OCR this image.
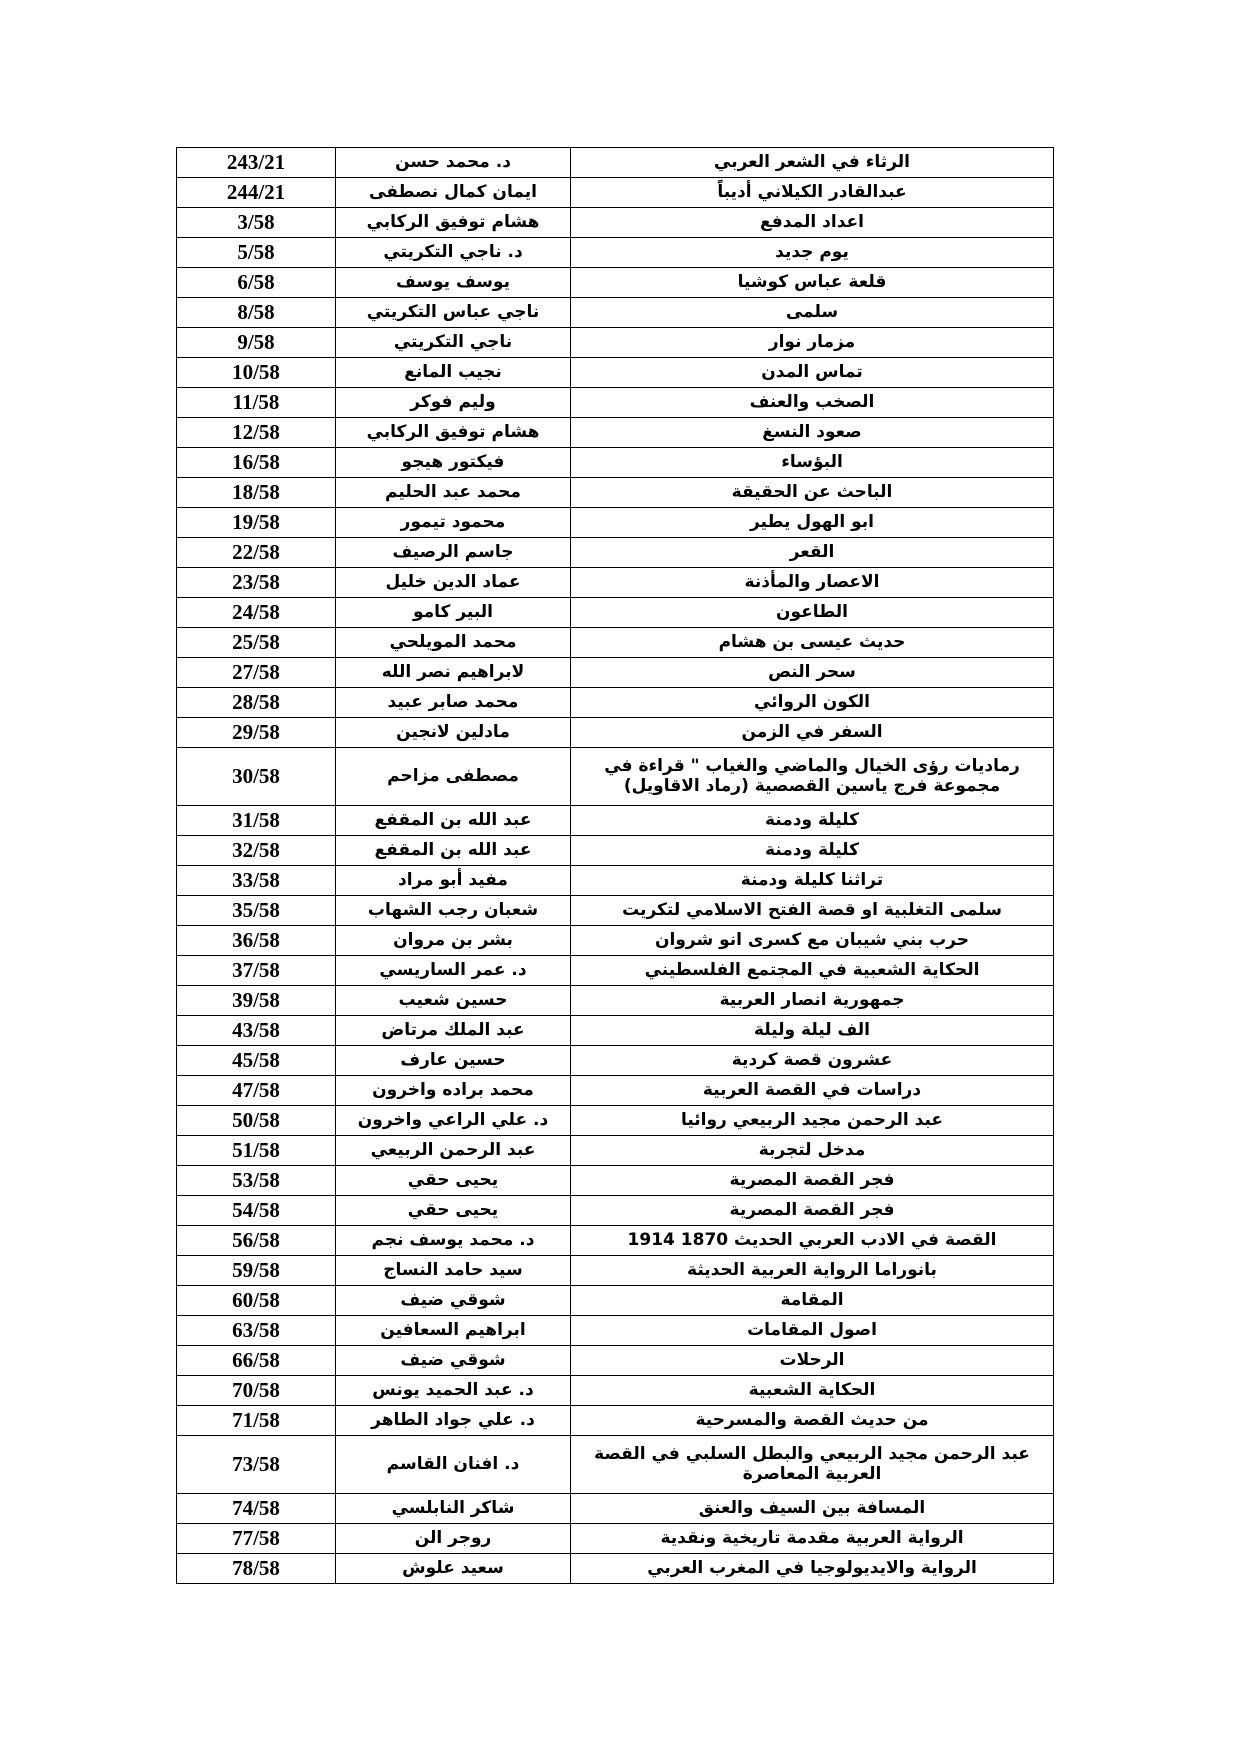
243/21	د. محمد حسن	الرثاء في الشعر العربي
244/21	ايمان كمال نصطفى	عبدالقادر الكيلاني أديباً
3/58	هشام توفيق الركابي	اعداد المدفع
5/58	د. ناجي التكريتي	يوم جديد
6/58	يوسف يوسف	قلعة عباس كوشيا
8/58	ناجي عباس التكريتي	سلمى
9/58	ناجي التكريتي	مزمار نوار
10/58	نجيب المانع	تماس المدن
11/58	وليم فوكر	الصخب والعنف
12/58	هشام توفيق الركابي	صعود النسغ
16/58	فيكتور هيجو	البؤساء
18/58	محمد عبد الحليم	الباحث عن الحقيقة
19/58	محمود تيمور	ابو الهول يطير
22/58	جاسم الرصيف	القعر
23/58	عماد الدين خليل	الاعصار والمأذنة
24/58	البير كامو	الطاعون
25/58	محمد المويلحي	حديث عيسى بن هشام
27/58	لابراهيم نصر الله	سحر النص
28/58	محمد صابر عبيد	الكون الروائي
29/58	مادلين لانجين	السفر في الزمن
30/58	مصطفى مزاحم	رماديات رؤى الخيال والماضي والغياب " قراءة في مجموعة فرج ياسين القصصية (رماد الاقاويل)
31/58	عبد الله بن المقفع	كليلة ودمنة
32/58	عبد الله بن المقفع	كليلة ودمنة
33/58	مفيد أبو مراد	تراثنا كليلة ودمنة
35/58	شعبان رجب الشهاب	سلمى التغلبية او قصة الفتح الاسلامي لتكريت
36/58	بشر بن مروان	حرب بني شيبان مع كسرى انو شروان
37/58	د. عمر الساريسي	الحكاية الشعبية في المجتمع الفلسطيني
39/58	حسين شعيب	جمهورية انصار العربية
43/58	عبد الملك مرتاض	الف ليلة وليلة
45/58	حسين عارف	عشرون قصة كردية
47/58	محمد براده واخرون	دراسات في القصة العربية
50/58	د. علي الراعي واخرون	عبد الرحمن مجيد الربيعي روائيا
51/58	عبد الرحمن الربيعي	مدخل لتجربة
53/58	يحيى حقي	فجر القصة المصرية
54/58	يحيى حقي	فجر القصة المصرية
56/58	د. محمد يوسف نجم	القصة في الادب العربي الحديث 1870 1914
59/58	سيد حامد النساج	بانوراما الرواية العربية الحديثة
60/58	شوقي ضيف	المقامة
63/58	ابراهيم السعافين	اصول المقامات
66/58	شوقي ضيف	الرحلات
70/58	د. عبد الحميد يونس	الحكاية الشعبية
71/58	د. علي جواد الطاهر	من حديث القصة والمسرحية
73/58	د. افنان القاسم	عبد الرحمن مجيد الربيعي والبطل السلبي في القصة العربية المعاصرة
74/58	شاكر النابلسي	المسافة بين السيف والعنق
77/58	روجر الن	الرواية العربية مقدمة تاريخية ونقدية
78/58	سعيد علوش	الرواية والايديولوجيا في المغرب العربي
